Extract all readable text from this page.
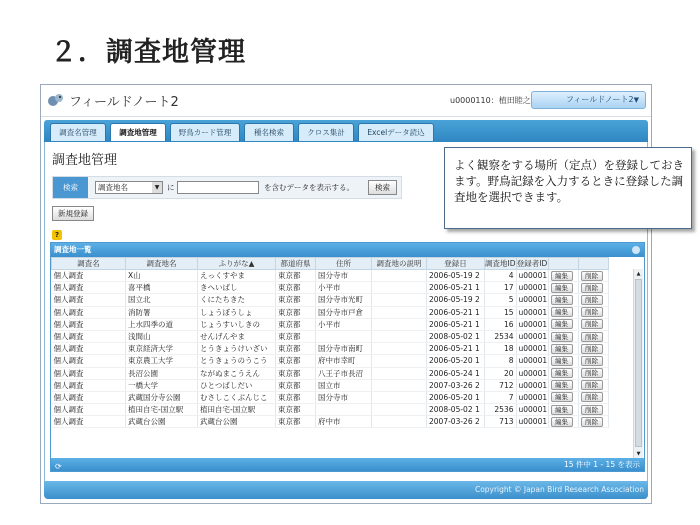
２．調査地管理
フィールドノート2	u0000110：植田睦之	フィールドノート2 ▼
調査名管理	調査地管理	野鳥カード管理	種名検索	クロス集計	Excelデータ読込
調査地管理
検索	調査地名	▼	に	を含むデータを表示する。	検索
新規登録
?
調査地一覧
調査名	調査地名	ふりがな▲	都道府県	住所	調査地の説明	登録日	調査地ID	登録者ID		
個人調査	X山	えっくすやま	東京都	国分寺市		2006-05-19 2	4	u00001	編集	削除
個人調査	喜平橋	きへいばし	東京都	小平市		2006-05-21 1	17	u00001	編集	削除
個人調査	国立北	くにたちきた	東京都	国分寺市光町		2006-05-19 2	5	u00001	編集	削除
個人調査	消防署	しょうぼうしょ	東京都	国分寺市戸倉		2006-05-21 1	15	u00001	編集	削除
個人調査	上水四季の道	じょうすいしきの	東京都	小平市		2006-05-21 1	16	u00001	編集	削除
個人調査	浅間山	せんげんやま	東京都			2008-05-02 1	2534	u00001	編集	削除
個人調査	東京経済大学	とうきょうけいざい	東京都	国分寺市南町		2006-05-21 1	18	u00001	編集	削除
個人調査	東京農工大学	とうきょうのうこう	東京都	府中市幸町		2006-05-20 1	8	u00001	編集	削除
個人調査	長沼公園	ながぬまこうえん	東京都	八王子市長沼		2006-05-24 1	20	u00001	編集	削除
個人調査	一橋大学	ひとつばしだい	東京都	国立市		2007-03-26 2	712	u00001	編集	削除
個人調査	武蔵国分寺公園	むさしこくぶんじこ	東京都	国分寺市		2006-05-20 1	7	u00001	編集	削除
個人調査	植田自宅-国立駅	植田自宅-国立駅	東京都			2008-05-02 1	2536	u00001	編集	削除
個人調査	武蔵台公園	武蔵台公園	東京都	府中市		2007-03-26 2	713	u00001	編集	削除
▲
▼
⟳	15 件中 1 - 15 を表示
Copyright © Japan Bird Research Association
よく観察をする場所（定点）を登録しておきます。野鳥記録を入力するときに登録した調査地を選択できます。
